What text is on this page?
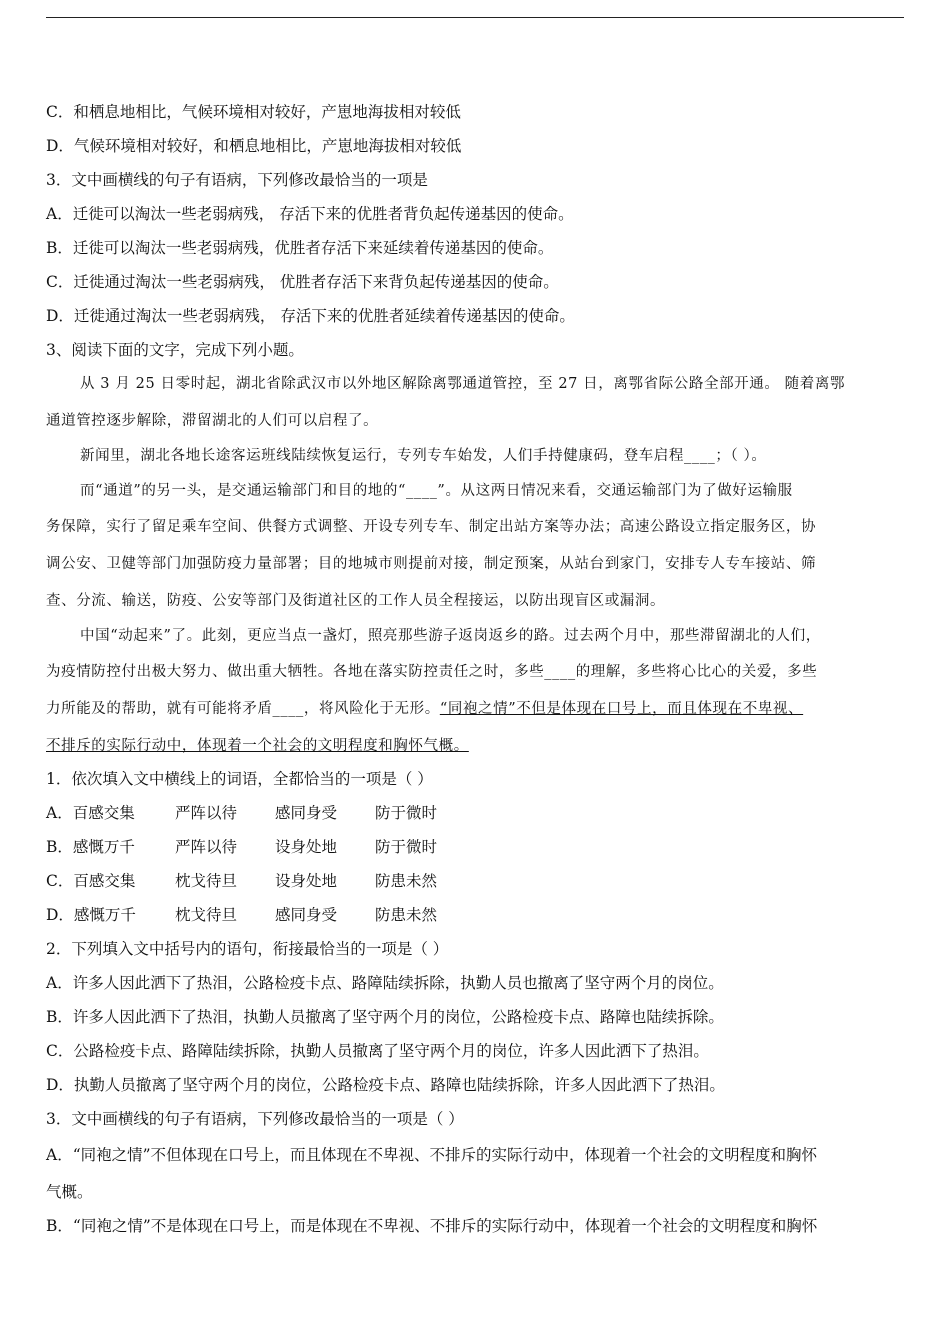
C．和栖息地相比，气候环境相对较好，产崽地海拔相对较低
D．气候环境相对较好，和栖息地相比，产崽地海拔相对较低
3．文中画横线的句子有语病，下列修改最恰当的一项是
A．迁徙可以淘汰一些老弱病残， 存活下来的优胜者背负起传递基因的使命。
B．迁徙可以淘汰一些老弱病残，优胜者存活下来延续着传递基因的使命。
C．迁徙通过淘汰一些老弱病残， 优胜者存活下来背负起传递基因的使命。
D．迁徙通过淘汰一些老弱病残， 存活下来的优胜者延续着传递基因的使命。
3、阅读下面的文字，完成下列小题。
从 3 月 25 日零时起，湖北省除武汉市以外地区解除离鄂通道管控，至 27 日，离鄂省际公路全部开通。 随着离鄂
通道管控逐步解除，滞留湖北的人们可以启程了。
新闻里，湖北各地长途客运班线陆续恢复运行，专列专车始发，人们手持健康码，登车启程____；（ ）。
而“通道”的另一头，是交通运输部门和目的地的“____”。从这两日情况来看，交通运输部门为了做好运输服
务保障，实行了留足乘车空间、供餐方式调整、开设专列专车、制定出站方案等办法；高速公路设立指定服务区，协
调公安、卫健等部门加强防疫力量部署；目的地城市则提前对接，制定预案，从站台到家门，安排专人专车接站、筛
查、分流、输送，防疫、公安等部门及街道社区的工作人员全程接运，以防出现盲区或漏洞。
中国“动起来”了。此刻，更应当点一盏灯，照亮那些游子返岗返乡的路。过去两个月中，那些滞留湖北的人们，
为疫情防控付出极大努力、做出重大牺牲。各地在落实防控责任之时，多些____的理解，多些将心比心的关爱，多些
力所能及的帮助，就有可能将矛盾____，将风险化于无形。“同袍之情”不但是体现在口号上，而且体现在不卑视、
不排斥的实际行动中，体现着一个社会的文明程度和胸怀气概。
1．依次填入文中横线上的词语，全都恰当的一项是（ ）
A．百感交集	严阵以待 感同身受 防于微时
B．感慨万千	严阵以待 设身处地 防于微时
C．百感交集	枕戈待旦 设身处地 防患未然
D．感慨万千	枕戈待旦 感同身受 防患未然
2．下列填入文中括号内的语句，衔接最恰当的一项是（ ）
A．许多人因此洒下了热泪，公路检疫卡点、路障陆续拆除，执勤人员也撤离了坚守两个月的岗位。
B．许多人因此洒下了热泪，执勤人员撤离了坚守两个月的岗位，公路检疫卡点、路障也陆续拆除。
C．公路检疫卡点、路障陆续拆除，执勤人员撤离了坚守两个月的岗位，许多人因此洒下了热泪。
D．执勤人员撤离了坚守两个月的岗位，公路检疫卡点、路障也陆续拆除，许多人因此洒下了热泪。
3．文中画横线的句子有语病，下列修改最恰当的一项是（ ）
A．“同袍之情”不但体现在口号上，而且体现在不卑视、不排斥的实际行动中，体现着一个社会的文明程度和胸怀
气概。
B．“同袍之情”不是体现在口号上，而是体现在不卑视、不排斥的实际行动中，体现着一个社会的文明程度和胸怀
